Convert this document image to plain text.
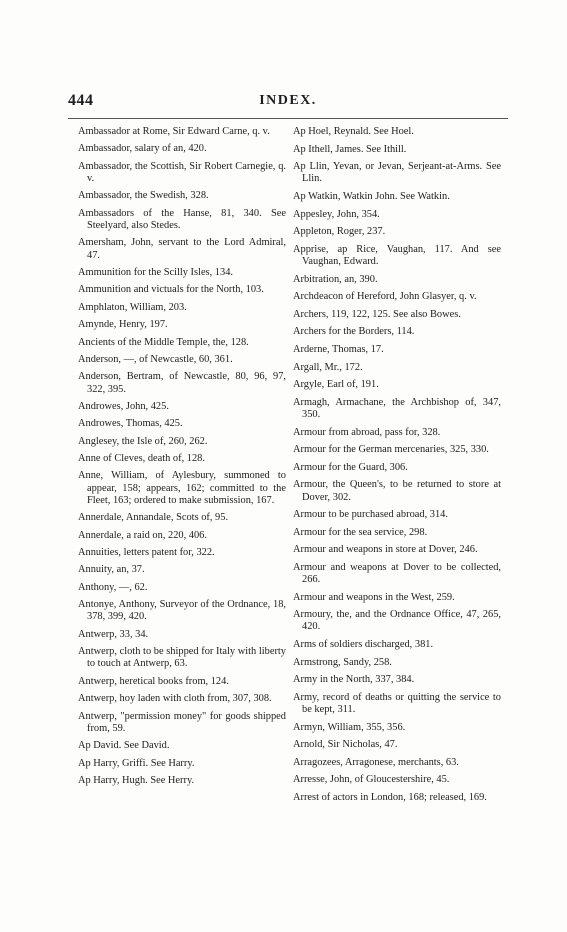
444	INDEX.
Ambassador at Rome, Sir Edward Carne, q. v.
Ambassador, salary of an, 420.
Ambassador, the Scottish, Sir Robert Carnegie, q. v.
Ambassador, the Swedish, 328.
Ambassadors of the Hanse, 81, 340. See Steelyard, also Stedes.
Amersham, John, servant to the Lord Admiral, 47.
Ammunition for the Scilly Isles, 134.
Ammunition and victuals for the North, 103.
Amphlaton, William, 203.
Amynde, Henry, 197.
Ancients of the Middle Temple, the, 128.
Anderson, —, of Newcastle, 60, 361.
Anderson, Bertram, of Newcastle, 80, 96, 97, 322, 395.
Androwes, John, 425.
Androwes, Thomas, 425.
Anglesey, the Isle of, 260, 262.
Anne of Cleves, death of, 128.
Anne, William, of Aylesbury, summoned to appear, 158; appears, 162; committed to the Fleet, 163; ordered to make submission, 167.
Annerdale, Annandale, Scots of, 95.
Annerdale, a raid on, 220, 406.
Annuities, letters patent for, 322.
Annuity, an, 37.
Anthony, —, 62.
Antonye, Anthony, Surveyor of the Ordnance, 18, 378, 399, 420.
Antwerp, 33, 34.
Antwerp, cloth to be shipped for Italy with liberty to touch at Antwerp, 63.
Antwerp, heretical books from, 124.
Antwerp, hoy laden with cloth from, 307, 308.
Antwerp, "permission money" for goods shipped from, 59.
Ap David. See David.
Ap Harry, Griffi. See Harry.
Ap Harry, Hugh. See Herry.
Ap Hoel, Reynald. See Hoel.
Ap Ithell, James. See Ithill.
Ap Llin, Yevan, or Jevan, Serjeant-at-Arms. See Llin.
Ap Watkin, Watkin John. See Watkin.
Appesley, John, 354.
Appleton, Roger, 237.
Apprise, ap Rice, Vaughan, 117. And see Vaughan, Edward.
Arbitration, an, 390.
Archdeacon of Hereford, John Glasyer, q. v.
Archers, 119, 122, 125. See also Bowes.
Archers for the Borders, 114.
Arderne, Thomas, 17.
Argall, Mr., 172.
Argyle, Earl of, 191.
Armagh, Armachane, the Archbishop of, 347, 350.
Armour from abroad, pass for, 328.
Armour for the German mercenaries, 325, 330.
Armour for the Guard, 306.
Armour, the Queen's, to be returned to store at Dover, 302.
Armour to be purchased abroad, 314.
Armour for the sea service, 298.
Armour and weapons in store at Dover, 246.
Armour and weapons at Dover to be collected, 266.
Armour and weapons in the West, 259.
Armoury, the, and the Ordnance Office, 47, 265, 420.
Arms of soldiers discharged, 381.
Armstrong, Sandy, 258.
Army in the North, 337, 384.
Army, record of deaths or quitting the service to be kept, 311.
Armyn, William, 355, 356.
Arnold, Sir Nicholas, 47.
Arragozees, Arragonese, merchants, 63.
Arresse, John, of Gloucestershire, 45.
Arrest of actors in London, 168; released, 169.
